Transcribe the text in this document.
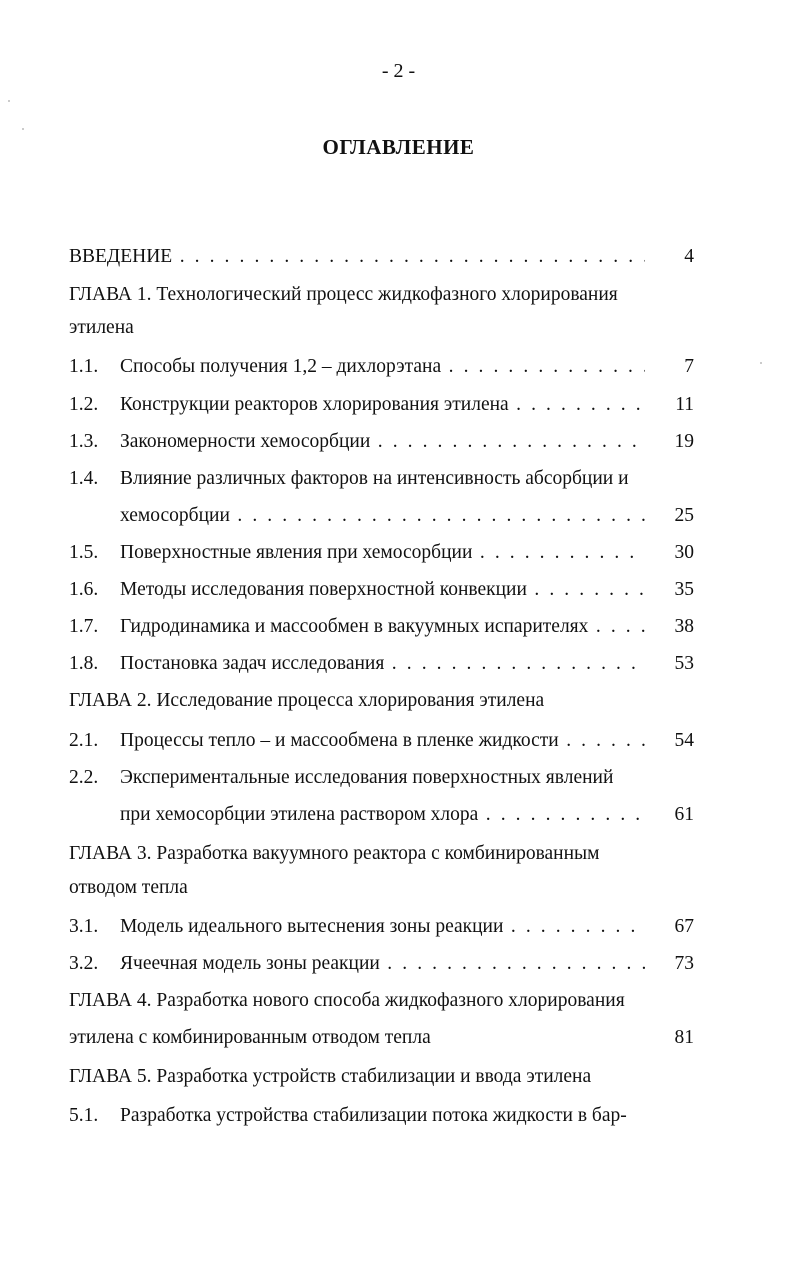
- 2 -
ОГЛАВЛЕНИЕ
ВВЕДЕНИЕ . . .	4
ГЛАВА 1. Технологический процесс жидкофазного хлорирования
этилена
1.1. Способы получения 1,2 – дихлорэтана . . .	7
1.2. Конструкции реакторов хлорирования этилена . . .	11
1.3. Закономерности хемосорбции . . .	19
1.4. Влияние различных факторов на интенсивность абсорбции и
хемосорбции . . .	25
1.5. Поверхностные явления при хемосорбции . . .	30
1.6. Методы исследования поверхностной конвекции . . .	35
1.7. Гидродинамика и массообмен в вакуумных испарителях . . .	38
1.8. Постановка задач исследования . . .	53
ГЛАВА 2. Исследование процесса хлорирования этилена
2.1. Процессы тепло – и массообмена в пленке жидкости . . .	54
2.2. Экспериментальные исследования поверхностных явлений
при хемосорбции этилена раствором хлора . . .	61
ГЛАВА 3. Разработка вакуумного реактора с комбинированным
отводом тепла
3.1. Модель идеального вытеснения зоны реакции . . .	67
3.2. Ячеечная модель зоны реакции . . .	73
ГЛАВА 4. Разработка нового способа жидкофазного хлорирования
этилена с комбинированным отводом тепла	81
ГЛАВА 5. Разработка устройств стабилизации и ввода этилена
5.1. Разработка устройства стабилизации потока жидкости в бар-
